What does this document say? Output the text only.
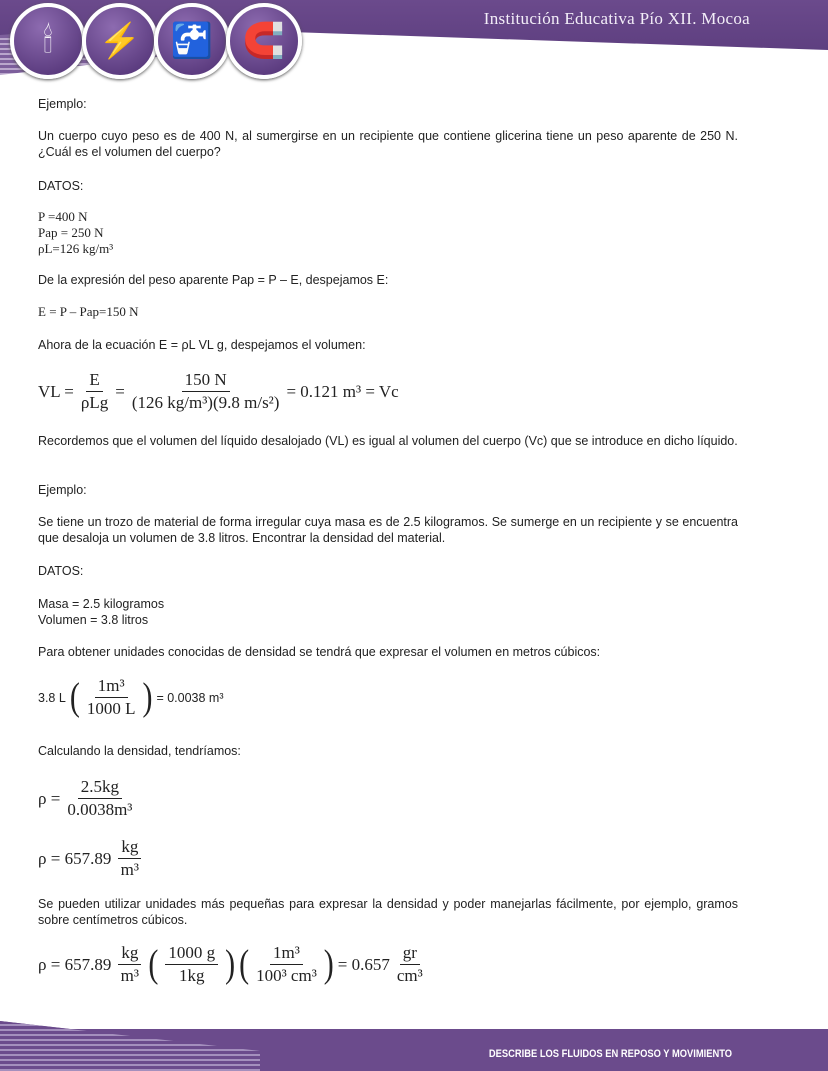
🕯	⚡ 🚰 🧲
Institución Educativa Pío XII. Mocoa
Ejemplo:
Un cuerpo cuyo peso es de 400 N, al sumergirse en un recipiente que contiene glicerina tiene un peso aparente de 250 N. ¿Cuál es el volumen del cuerpo?
DATOS:
P =400 N
Pap = 250 N
ρL=126 kg/m³
De la expresión del peso aparente Pap = P – E, despejamos E:
E = P – Pap=150 N
Ahora de la ecuación E = ρL VL g, despejamos el volumen:
VL =
E
ρLg
= $\frac{150 N}{\text{(126 kg/m³)(9.8 m/s²)}} = 0.121$ m³ = Vc
Recordemos que el volumen del líquido desalojado (VL) es igual al volumen del cuerpo (Vc) que se introduce en dicho líquido.
Ejemplo:
Se tiene un trozo de material de forma irregular cuya masa es de 2.5 kilogramos. Se sumerge en un recipiente y se encuentra que desaloja un volumen de 3.8 litros. Encontrar la densidad del material.
DATOS:
Masa = 2.5 kilogramos
Volumen = 3.8 litros
Para obtener unidades conocidas de densidad se tendrá que expresar el volumen en metros cúbicos:
3.8 L ( $\frac{\text{1m³}}{1000 L}$ ) = 0.0038 m³
Calculando la densidad, tendríamos:
$\rho = \frac{2.5kg}{\text{0.0038m³}}$
$\rho = 657.89 \frac{kg}{\text{m³}}$
Se pueden utilizar unidades más pequeñas para expresar la densidad y poder manejarlas fácilmente, por ejemplo, gramos sobre centímetros cúbicos.
$\rho = 657.89 \frac{kg}{\text{m³}}$ ( $\frac{1000 g}{1kg}$ ) ( $\frac{\text{1m³}}{\text{100³ cm³}}$ ) = $0.657 \frac{gr}{\text{cm³}}$
DESCRIBE LOS FLUIDOS EN REPOSO Y MOVIMIENTO
